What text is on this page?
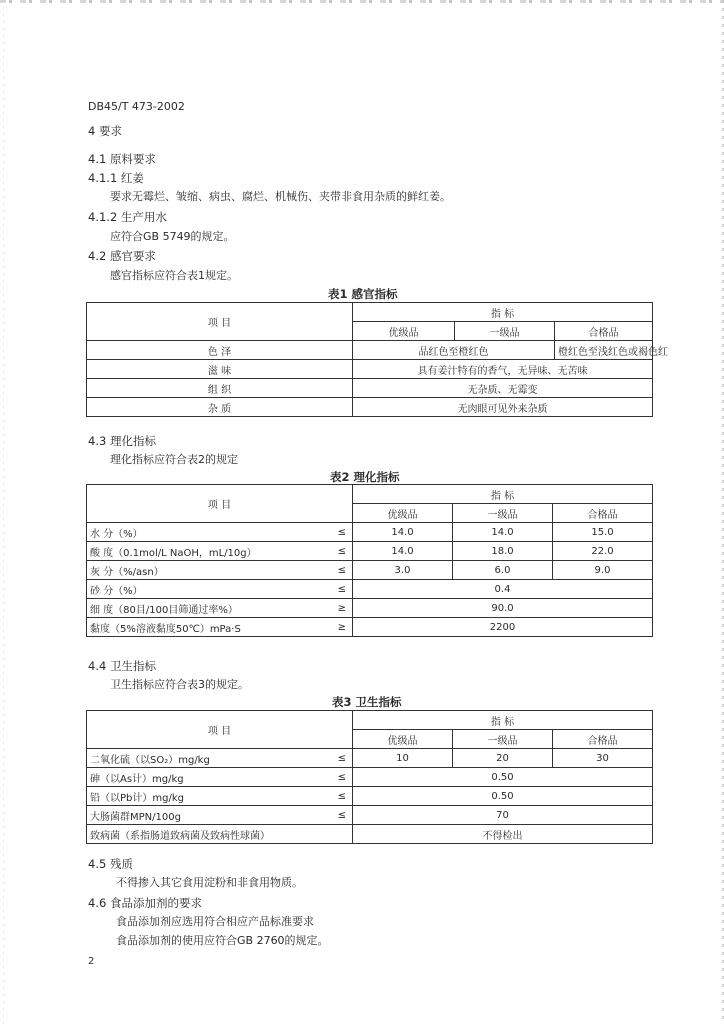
DB45/T 473-2002
4 要求
4.1 原料要求
4.1.1 红姜
要求无霉烂、皱缩、病虫、腐烂、机械伤、夹带非食用杂质的鲜红姜。
4.1.2 生产用水
应符合GB 5749的规定。
4.2 感官要求
感官指标应符合表1规定。
表1 感官指标
项 目	指 标		
	优级品	一级品	合格品
色 泽	品红色至橙红色		橙红色至浅红色或褐色红
滋 味	具有姜汁特有的香气，无异味、无苦味		
组 织	无杂质、无霉变		
杂 质	无肉眼可见外来杂质		
4.3 理化指标
理化指标应符合表2的规定
表2 理化指标
项 目		指 标		
		优级品	一级品	合格品
水 分（%）	≤	14.0	14.0	15.0
酸 度（0.1mol/L NaOH，mL/10g）	≤	14.0	18.0	22.0
灰 分（%/asn）	≤	3.0	6.0	9.0
砂 分（%）	≤	0.4		
细 度（80目/100目筛通过率%）	≥	90.0		
黏度（5%溶液黏度50℃）mPa·S	≥	2200		
4.4 卫生指标
卫生指标应符合表3的规定。
表3 卫生指标
项 目		指 标		
		优级品	一级品	合格品
二氧化硫（以SO₂）mg/kg	≤	10	20	30
砷（以As计）mg/kg	≤	0.50		
铅（以Pb计）mg/kg	≤	0.50		
大肠菌群MPN/100g	≤	70		
致病菌（系指肠道致病菌及致病性球菌）		不得检出		
4.5 残质
不得掺入其它食用淀粉和非食用物质。
4.6 食品添加剂的要求
食品添加剂应选用符合相应产品标准要求
食品添加剂的使用应符合GB 2760的规定。
2
